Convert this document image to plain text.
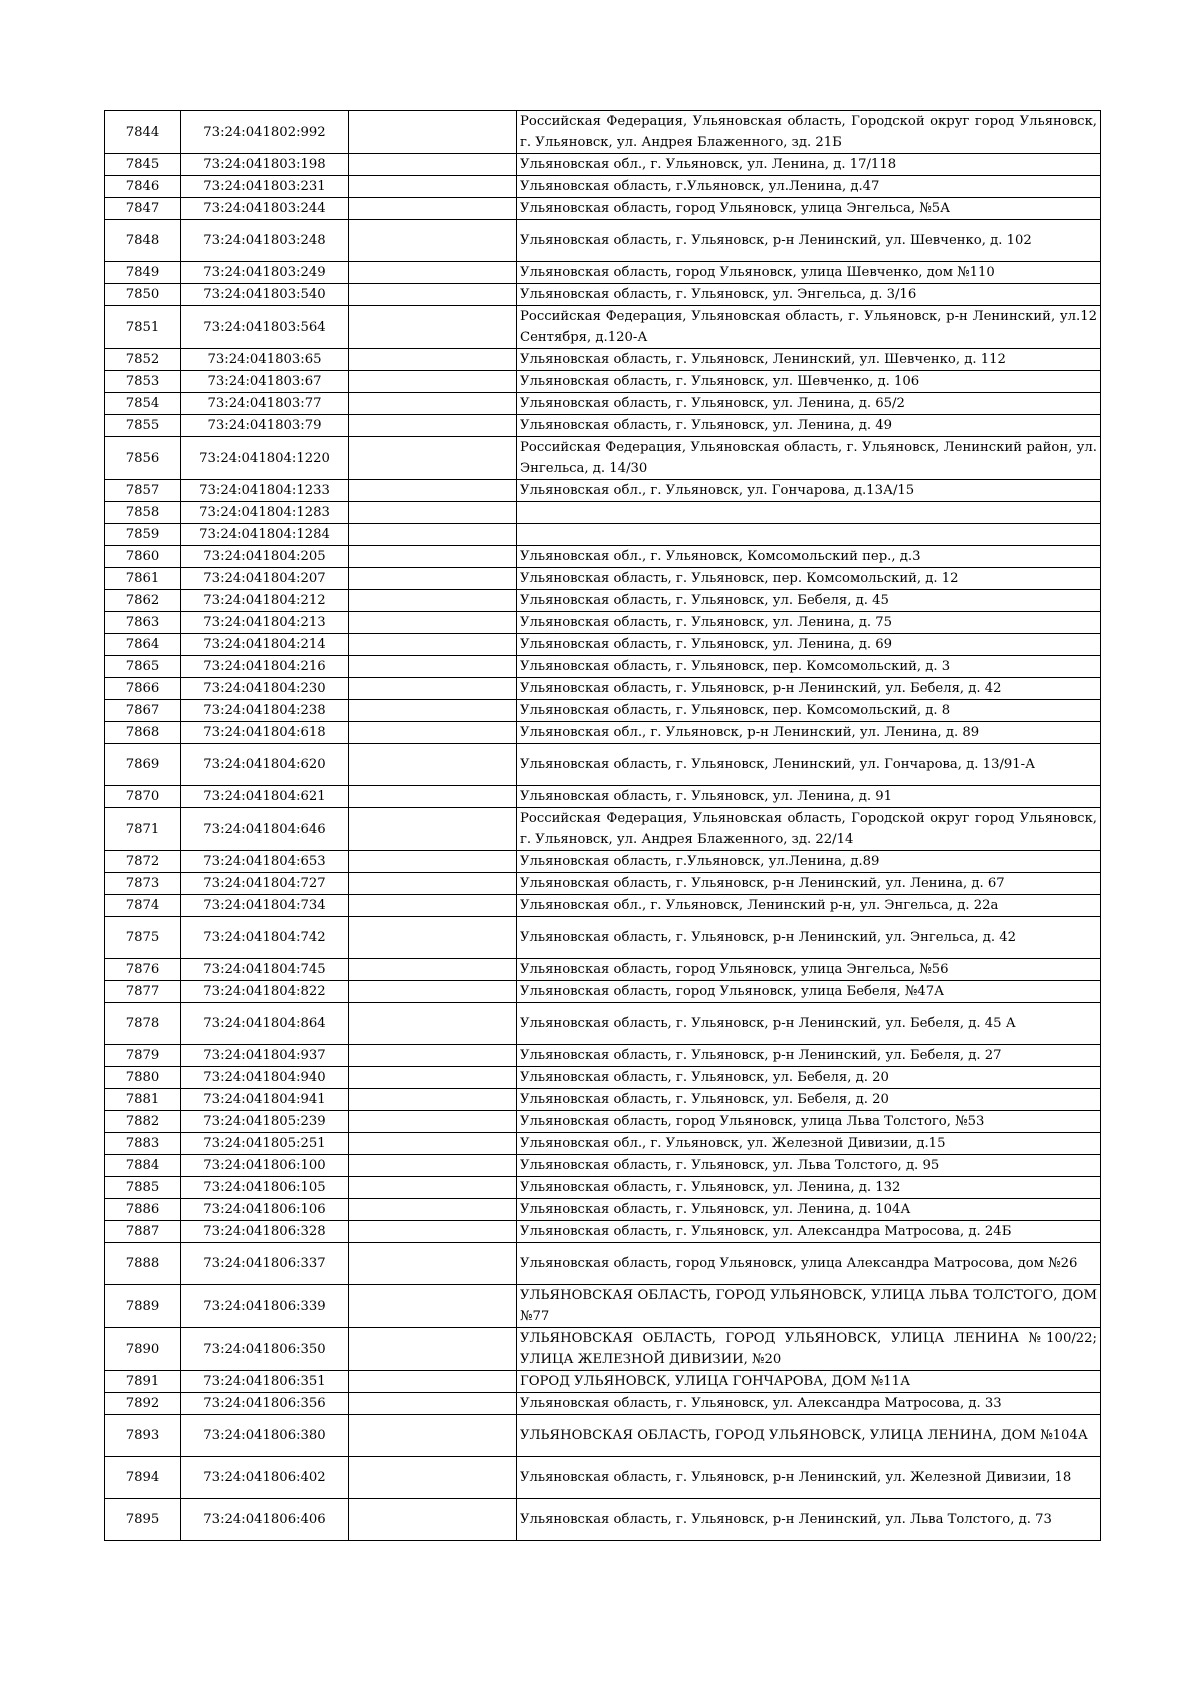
7844	73:24:041802:992		Российская Федерация, Ульяновская область, Городской округ город Ульяновск, г. Ульяновск, ул. Андрея Блаженного, зд. 21Б
7845	73:24:041803:198		Ульяновская обл., г. Ульяновск, ул. Ленина, д. 17/118
7846	73:24:041803:231		Ульяновская область, г.Ульяновск, ул.Ленина, д.47
7847	73:24:041803:244		Ульяновская область, город Ульяновск, улица Энгельса, №5А
7848	73:24:041803:248		Ульяновская область, г. Ульяновск, р-н Ленинский, ул. Шевченко, д. 102
7849	73:24:041803:249		Ульяновская область, город Ульяновск, улица Шевченко, дом №110
7850	73:24:041803:540		Ульяновская область, г. Ульяновск, ул. Энгельса, д. 3/16
7851	73:24:041803:564		Российская Федерация, Ульяновская область, г. Ульяновск, р-н Ленинский, ул.12 Сентября, д.120-А
7852	73:24:041803:65		Ульяновская область, г. Ульяновск, Ленинский, ул. Шевченко, д. 112
7853	73:24:041803:67		Ульяновская область, г. Ульяновск, ул. Шевченко, д. 106
7854	73:24:041803:77		Ульяновская область, г. Ульяновск, ул. Ленина, д. 65/2
7855	73:24:041803:79		Ульяновская область, г. Ульяновск, ул. Ленина, д. 49
7856	73:24:041804:1220		Российская Федерация, Ульяновская область, г. Ульяновск, Ленинский район, ул. Энгельса, д. 14/30
7857	73:24:041804:1233		Ульяновская обл., г. Ульяновск, ул. Гончарова, д.13А/15
7858	73:24:041804:1283		
7859	73:24:041804:1284		
7860	73:24:041804:205		Ульяновская обл., г. Ульяновск, Комсомольский пер., д.3
7861	73:24:041804:207		Ульяновская область, г. Ульяновск, пер. Комсомольский, д. 12
7862	73:24:041804:212		Ульяновская область, г. Ульяновск, ул. Бебеля, д. 45
7863	73:24:041804:213		Ульяновская область, г. Ульяновск, ул. Ленина, д. 75
7864	73:24:041804:214		Ульяновская область, г. Ульяновск, ул. Ленина, д. 69
7865	73:24:041804:216		Ульяновская область, г. Ульяновск, пер. Комсомольский, д. 3
7866	73:24:041804:230		Ульяновская область, г. Ульяновск, р-н Ленинский, ул. Бебеля, д. 42
7867	73:24:041804:238		Ульяновская область, г. Ульяновск, пер. Комсомольский, д. 8
7868	73:24:041804:618		Ульяновская обл., г. Ульяновск, р-н Ленинский, ул. Ленина, д. 89
7869	73:24:041804:620		Ульяновская область, г. Ульяновск, Ленинский, ул. Гончарова, д. 13/91-А
7870	73:24:041804:621		Ульяновская область, г. Ульяновск, ул. Ленина, д. 91
7871	73:24:041804:646		Российская Федерация, Ульяновская область, Городской округ город Ульяновск, г. Ульяновск, ул. Андрея Блаженного, зд. 22/14
7872	73:24:041804:653		Ульяновская область, г.Ульяновск, ул.Ленина, д.89
7873	73:24:041804:727		Ульяновская область, г. Ульяновск, р-н Ленинский, ул. Ленина, д. 67
7874	73:24:041804:734		Ульяновская обл., г. Ульяновск, Ленинский р-н, ул. Энгельса, д. 22а
7875	73:24:041804:742		Ульяновская область, г. Ульяновск, р-н Ленинский, ул. Энгельса, д. 42
7876	73:24:041804:745		Ульяновская область, город Ульяновск, улица Энгельса, №56
7877	73:24:041804:822		Ульяновская область, город Ульяновск, улица Бебеля, №47А
7878	73:24:041804:864		Ульяновская область, г. Ульяновск, р-н Ленинский, ул. Бебеля, д. 45 А
7879	73:24:041804:937		Ульяновская область, г. Ульяновск, р-н Ленинский, ул. Бебеля, д. 27
7880	73:24:041804:940		Ульяновская область, г. Ульяновск, ул. Бебеля, д. 20
7881	73:24:041804:941		Ульяновская область, г. Ульяновск, ул. Бебеля, д. 20
7882	73:24:041805:239		Ульяновская область, город Ульяновск, улица Льва Толстого, №53
7883	73:24:041805:251		Ульяновская обл., г. Ульяновск, ул. Железной Дивизии, д.15
7884	73:24:041806:100		Ульяновская область, г. Ульяновск, ул. Льва Толстого, д. 95
7885	73:24:041806:105		Ульяновская область, г. Ульяновск, ул. Ленина, д. 132
7886	73:24:041806:106		Ульяновская область, г. Ульяновск, ул. Ленина, д. 104А
7887	73:24:041806:328		Ульяновская область, г. Ульяновск, ул. Александра Матросова, д. 24Б
7888	73:24:041806:337		Ульяновская область, город Ульяновск, улица Александра Матросова, дом №26
7889	73:24:041806:339		УЛЬЯНОВСКАЯ ОБЛАСТЬ, ГОРОД УЛЬЯНОВСК, УЛИЦА ЛЬВА ТОЛСТОГО, ДОМ №77
7890	73:24:041806:350		УЛЬЯНОВСКАЯ ОБЛАСТЬ, ГОРОД УЛЬЯНОВСК, УЛИЦА ЛЕНИНА №100/22; УЛИЦА ЖЕЛЕЗНОЙ ДИВИЗИИ, №20
7891	73:24:041806:351		ГОРОД УЛЬЯНОВСК, УЛИЦА ГОНЧАРОВА, ДОМ №11А
7892	73:24:041806:356		Ульяновская область, г. Ульяновск, ул. Александра Матросова, д. 33
7893	73:24:041806:380		УЛЬЯНОВСКАЯ ОБЛАСТЬ, ГОРОД УЛЬЯНОВСК, УЛИЦА ЛЕНИНА, ДОМ №104А
7894	73:24:041806:402		Ульяновская область, г. Ульяновск, р-н Ленинский, ул. Железной Дивизии, 18
7895	73:24:041806:406		Ульяновская область, г. Ульяновск, р-н Ленинский, ул. Льва Толстого, д. 73
